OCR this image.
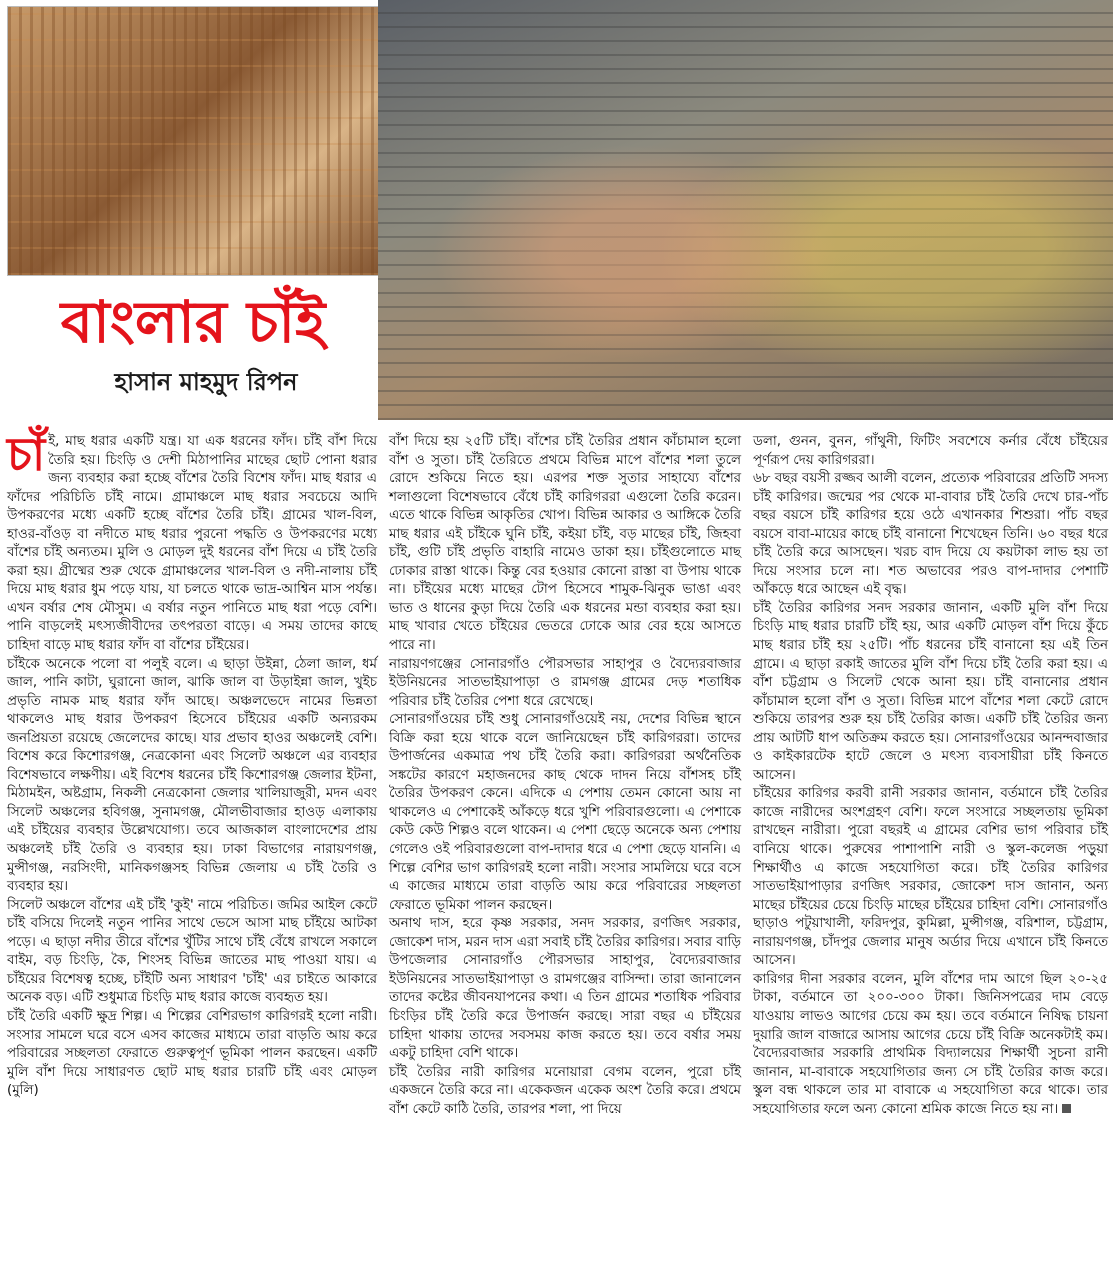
বাংলার চাঁই
হাসান মাহমুদ রিপন

চাঁই, মাছ ধরার একটি যন্ত্র। যা এক ধরনের ফাঁদ। চাঁই বাঁশ দিয়ে তৈরি হয়। চিংড়ি ও দেশী মিঠাপানির মাছের ছোট পোনা ধরার জন্য ব্যবহার করা হচ্ছে বাঁশের তৈরি বিশেষ ফাঁদ। মাছ ধরার এ ফাঁদের পরিচিতি চাঁই নামে। গ্রামাঞ্চলে মাছ ধরার সবচেয়ে আদি উপকরণের মধ্যে একটি হচ্ছে বাঁশের তৈরি চাঁই। গ্রামের খাল-বিল, হাওর-বাঁওড় বা নদীতে মাছ ধরার পুরনো পদ্ধতি ও উপকরণের মধ্যে বাঁশের চাঁই অন্যতম। মুলি ও মোড়ল দুই ধরনের বাঁশ দিয়ে এ চাঁই তৈরি করা হয়। গ্রীষ্মের শুরু থেকে গ্রামাঞ্চলের খাল-বিল ও নদী-নালায় চাঁই দিয়ে মাছ ধরার ধুম পড়ে যায়, যা চলতে থাকে ভাদ্র-আশ্বিন মাস পর্যন্ত। এখন বর্ষার শেষ মৌসুম। এ বর্ষার নতুন পানিতে মাছ ধরা পড়ে বেশি। পানি বাড়লেই মৎস্যজীবীদের তৎপরতা বাড়ে। এ সময় তাদের কাছে চাহিদা বাড়ে মাছ ধরার ফাঁদ বা বাঁশের চাঁইয়ের।

চাঁইকে অনেকে পলো বা পলুই বলে। এ ছাড়া উইন্না, ঠেলা জাল, ধর্ম জাল, পানি কাটা, ঘুরানো জাল, ঝাকি জাল বা উড়াইন্না জাল, খুইচ প্রভৃতি নামক মাছ ধরার ফাঁদ আছে। অঞ্চলভেদে নামের ভিন্নতা থাকলেও মাছ ধরার উপকরণ হিসেবে চাঁইয়ের একটি অন্যরকম জনপ্রিয়তা রয়েছে জেলেদের কাছে। যার প্রভাব হাওর অঞ্চলেই বেশি। বিশেষ করে কিশোরগঞ্জ, নেত্রকোনা এবং সিলেট অঞ্চলে এর ব্যবহার বিশেষভাবে লক্ষণীয়। এই বিশেষ ধরনের চাঁই কিশোরগঞ্জ জেলার ইটনা, মিঠামইন, অষ্টগ্রাম, নিকলী নেত্রকোনা জেলার খালিয়াজুরী, মদন এবং সিলেট অঞ্চলের হবিগঞ্জ, সুনামগঞ্জ, মৌলভীবাজার হাওড় এলাকায় এই চাঁইয়ের ব্যবহার উল্লেখযোগ্য। তবে আজকাল বাংলাদেশের প্রায় অঞ্চলেই চাঁই তৈরি ও ব্যবহার হয়। ঢাকা বিভাগের নারায়ণগঞ্জ, মুন্সীগঞ্জ, নরসিংদী, মানিকগঞ্জসহ বিভিন্ন জেলায় এ চাঁই তৈরি ও ব্যবহার হয়।

সিলেট অঞ্চলে বাঁশের এই চাঁই 'কুই' নামে পরিচিত। জমির আইল কেটে চাঁই বসিয়ে দিলেই নতুন পানির সাথে ভেসে আসা মাছ চাঁইয়ে আটকা পড়ে। এ ছাড়া নদীর তীরে বাঁশের খুঁটির সাথে চাঁই বেঁধে রাখলে সকালে বাইম, বড় চিংড়ি, কৈ, শিংসহ বিভিন্ন জাতের মাছ পাওয়া যায়। এ চাঁইয়ের বিশেষত্ব হচ্ছে, চাঁইটি অন্য সাধারণ 'চাঁই' এর চাইতে আকারে অনেক বড়। এটি শুধুমাত্র চিংড়ি মাছ ধরার কাজে ব্যবহৃত হয়।

চাঁই তৈরি একটি ক্ষুদ্র শিল্প। এ শিল্পের বেশিরভাগ কারিগরই হলো নারী। সংসার সামলে ঘরে বসে এসব কাজের মাধ্যমে তারা বাড়তি আয় করে পরিবারের সচ্ছলতা ফেরাতে গুরুত্বপূর্ণ ভূমিকা পালন করছেন। একটি মুলি বাঁশ দিয়ে সাধারণত ছোট মাছ ধরার চারটি চাঁই এবং মোড়ল (মুলি)

বাঁশ দিয়ে হয় ২৫টি চাঁই। বাঁশের চাঁই তৈরির প্রধান কাঁচামাল হলো বাঁশ ও সুতা। চাঁই তৈরিতে প্রথমে বিভিন্ন মাপে বাঁশের শলা তুলে রোদে শুকিয়ে নিতে হয়। এরপর শক্ত সুতার সাহায্যে বাঁশের শলাগুলো বিশেষভাবে বেঁধে চাঁই কারিগররা এগুলো তৈরি করেন। এতে থাকে বিভিন্ন আকৃতির খোপ। বিভিন্ন আকার ও আঙ্গিকে তৈরি মাছ ধরার এই চাঁইকে ঘুনি চাঁই, কইয়া চাঁই, বড় মাছের চাঁই, জিহবা চাঁই, গুটি চাঁই প্রভৃতি বাহারি নামেও ডাকা হয়। চাঁইগুলোতে মাছ ঢোকার রাস্তা থাকে। কিন্তু বের হওয়ার কোনো রাস্তা বা উপায় থাকে না। চাঁইয়ের মধ্যে মাছের টোপ হিসেবে শামুক-ঝিনুক ভাঙা এবং ভাত ও ধানের কুড়া দিয়ে তৈরি এক ধরনের মন্ডা ব্যবহার করা হয়। মাছ খাবার খেতে চাঁইয়ের ভেতরে ঢোকে আর বের হয়ে আসতে পারে না।

নারায়ণগঞ্জের সোনারগাঁও পৌরসভার সাহাপুর ও বৈদ্যেরবাজার ইউনিয়নের সাতভাইয়াপাড়া ও রামগঞ্জ গ্রামের দেড় শতাধিক পরিবার চাঁই তৈরির পেশা ধরে রেখেছে।

সোনারগাঁওয়ের চাঁই শুধু সোনারগাঁওয়েই নয়, দেশের বিভিন্ন স্থানে বিক্রি করা হয়ে থাকে বলে জানিয়েছেন চাঁই কারিগররা। তাদের উপার্জনের একমাত্র পথ চাঁই তৈরি করা। কারিগররা অর্থনৈতিক সঙ্কটের কারণে মহাজনদের কাছ থেকে দাদন নিয়ে বাঁশসহ চাঁই তৈরির উপকরণ কেনে। এদিকে এ পেশায় তেমন কোনো আয় না থাকলেও এ পেশাকেই আঁকড়ে ধরে খুশি পরিবারগুলো। এ পেশাকে কেউ কেউ শিল্পও বলে থাকেন। এ পেশা ছেড়ে অনেকে অন্য পেশায় গেলেও ওই পরিবারগুলো বাপ-দাদার ধরে এ পেশা ছেড়ে যাননি। এ শিল্পে বেশির ভাগ কারিগরই হলো নারী। সংসার সামলিয়ে ঘরে বসে এ কাজের মাধ্যমে তারা বাড়তি আয় করে পরিবারের সচ্ছলতা ফেরাতে ভূমিকা পালন করছেন।

অনাথ দাস, হরে কৃষ্ণ সরকার, সনদ সরকার, রণজিৎ সরকার, জোকেশ দাস, মরন দাস এরা সবাই চাঁই তৈরির কারিগর। সবার বাড়ি উপজেলার সোনারগাঁও পৌরসভার সাহাপুর, বৈদ্যেরবাজার ইউনিয়নের সাতভাইয়াপাড়া ও রামগঞ্জের বাসিন্দা। তারা জানালেন তাদের কষ্টের জীবনযাপনের কথা। এ তিন গ্রামের শতাধিক পরিবার চিংড়ির চাঁই তৈরি করে উপার্জন করছে। সারা বছর এ চাঁইয়ের চাহিদা থাকায় তাদের সবসময় কাজ করতে হয়। তবে বর্ষার সময় একটু চাহিদা বেশি থাকে।

চাঁই তৈরির নারী কারিগর মনোয়ারা বেগম বলেন, পুরো চাঁই একজনে তৈরি করে না। একেকজন একেক অংশ তৈরি করে। প্রথমে বাঁশ কেটে কাঠি তৈরি, তারপর শলা, পা দিয়ে

ডলা, গুনন, বুনন, গাঁথুনী, ফিটিং সবশেষে কর্নার বেঁধে চাঁইয়ের পূর্ণরূপ দেয় কারিগররা।

৬৮ বছর বয়সী রজ্জব আলী বলেন, প্রত্যেক পরিবারের প্রতিটি সদস্য চাঁই কারিগর। জন্মের পর থেকে মা-বাবার চাঁই তৈরি দেখে চার-পাঁচ বছর বয়সে চাঁই কারিগর হয়ে ওঠে এখানকার শিশুরা। পাঁচ বছর বয়সে বাবা-মায়ের কাছে চাঁই বানানো শিখেছেন তিনি। ৬০ বছর ধরে চাঁই তৈরি করে আসছেন। খরচ বাদ দিয়ে যে কয়টাকা লাভ হয় তা দিয়ে সংসার চলে না। শত অভাবের পরও বাপ-দাদার পেশাটি আঁকড়ে ধরে আছেন এই বৃদ্ধ।

চাঁই তৈরির কারিগর সনদ সরকার জানান, একটি মুলি বাঁশ দিয়ে চিংড়ি মাছ ধরার চারটি চাঁই হয়, আর একটি মোড়ল বাঁশ দিয়ে কুঁচে মাছ ধরার চাঁই হয় ২৫টি। পাঁচ ধরনের চাঁই বানানো হয় এই তিন গ্রামে। এ ছাড়া রকাই জাতের মুলি বাঁশ দিয়ে চাঁই তৈরি করা হয়। এ বাঁশ চট্টগ্রাম ও সিলেট থেকে আনা হয়। চাঁই বানানোর প্রধান কাঁচামাল হলো বাঁশ ও সুতা। বিভিন্ন মাপে বাঁশের শলা কেটে রোদে শুকিয়ে তারপর শুরু হয় চাঁই তৈরির কাজ। একটি চাঁই তৈরির জন্য প্রায় আটটি ধাপ অতিক্রম করতে হয়। সোনারগাঁওয়ের আনন্দবাজার ও কাইকারটেক হাটে জেলে ও মৎস্য ব্যবসায়ীরা চাঁই কিনতে আসেন।

চাঁইয়ের কারিগর করবী রানী সরকার জানান, বর্তমানে চাঁই তৈরির কাজে নারীদের অংশগ্রহণ বেশি। ফলে সংসারে সচ্ছলতায় ভূমিকা রাখছেন নারীরা। পুরো বছরই এ গ্রামের বেশির ভাগ পরিবার চাঁই বানিয়ে থাকে। পুরুষের পাশাপাশি নারী ও স্কুল-কলেজ পড়ুয়া শিক্ষার্থীও এ কাজে সহযোগিতা করে। চাঁই তৈরির কারিগর সাতভাইয়াপাড়ার রণজিৎ সরকার, জোকেশ দাস জানান, অন্য মাছের চাঁইয়ের চেয়ে চিংড়ি মাছের চাঁইয়ের চাহিদা বেশি। সোনারগাঁও ছাড়াও পটুয়াখালী, ফরিদপুর, কুমিল্লা, মুন্সীগঞ্জ, বরিশাল, চট্টগ্রাম, নারায়ণগঞ্জ, চাঁদপুর জেলার মানুষ অর্ডার দিয়ে এখানে চাঁই কিনতে আসেন।

কারিগর দীনা সরকার বলেন, মুলি বাঁশের দাম আগে ছিল ২০-২৫ টাকা, বর্তমানে তা ২০০-৩০০ টাকা। জিনিসপত্রের দাম বেড়ে যাওয়ায় লাভও আগের চেয়ে কম হয়। তবে বর্তমানে নিষিদ্ধ চায়না দুয়ারি জাল বাজারে আসায় আগের চেয়ে চাঁই বিক্রি অনেকটাই কম। বৈদ্যেরবাজার সরকারি প্রাথমিক বিদ্যালয়ের শিক্ষার্থী সুচনা রানী জানান, মা-বাবাকে সহযোগিতার জন্য সে চাঁই তৈরির কাজ করে। স্কুল বন্ধ থাকলে তার মা বাবাকে এ সহযোগিতা করে থাকে। তার সহযোগিতার ফলে অন্য কোনো শ্রমিক কাজে নিতে হয় না।
